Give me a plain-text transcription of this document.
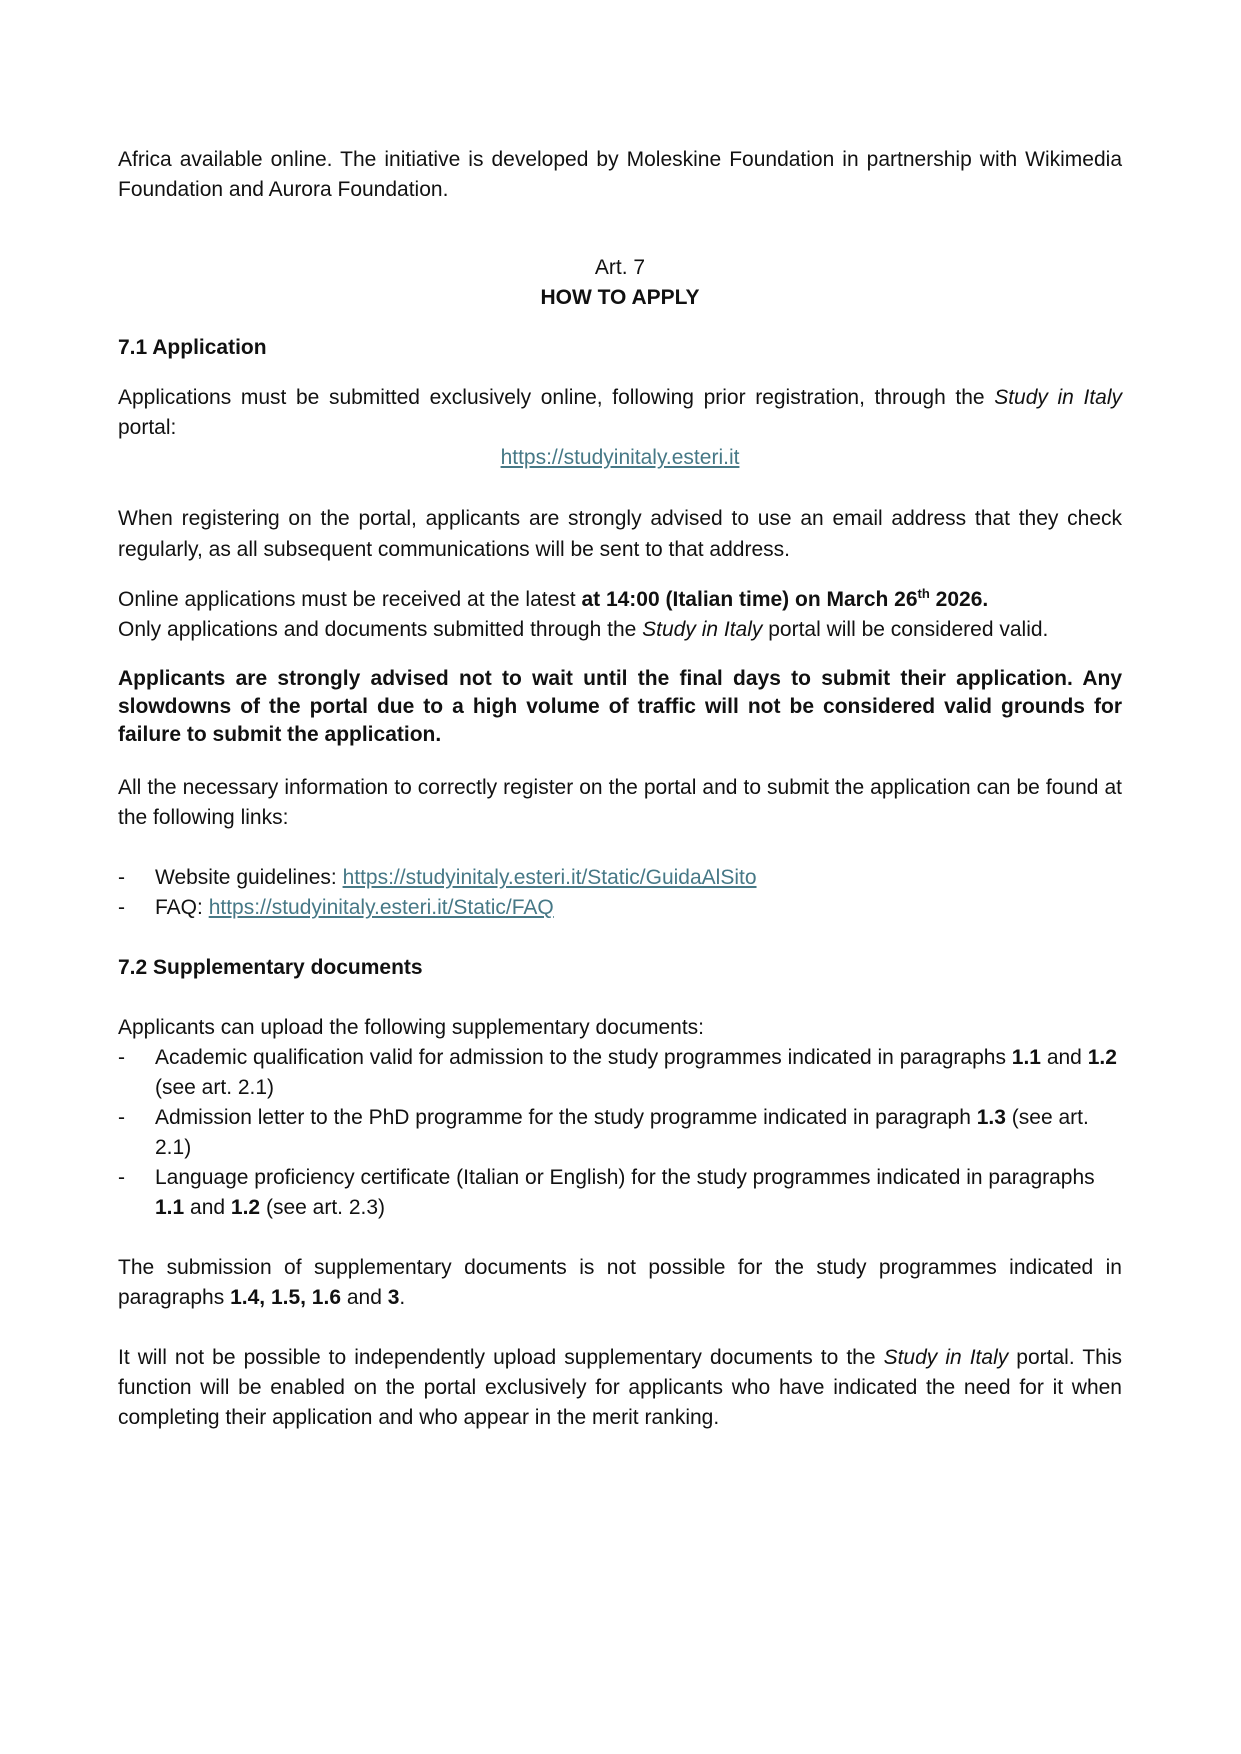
Africa available online. The initiative is developed by Moleskine Foundation in partnership with Wikimedia Foundation and Aurora Foundation.

Art. 7

HOW TO APPLY

7.1 Application

Applications must be submitted exclusively online, following prior registration, through the Study in Italy portal:

https://studyinitaly.esteri.it

When registering on the portal, applicants are strongly advised to use an email address that they check regularly, as all subsequent communications will be sent to that address.

Online applications must be received at the latest at 14:00 (Italian time) on March 26th 2026.

Only applications and documents submitted through the Study in Italy portal will be considered valid.

Applicants are strongly advised not to wait until the final days to submit their application. Any slowdowns of the portal due to a high volume of traffic will not be considered valid grounds for failure to submit the application.

All the necessary information to correctly register on the portal and to submit the application can be found at the following links:

- Website guidelines: https://studyinitaly.esteri.it/Static/GuidaAlSito
- FAQ: https://studyinitaly.esteri.it/Static/FAQ

7.2 Supplementary documents

Applicants can upload the following supplementary documents:

- Academic qualification valid for admission to the study programmes indicated in paragraphs 1.1 and 1.2 (see art. 2.1)
- Admission letter to the PhD programme for the study programme indicated in paragraph 1.3 (see art. 2.1)
- Language proficiency certificate (Italian or English) for the study programmes indicated in paragraphs 1.1 and 1.2 (see art. 2.3)

The submission of supplementary documents is not possible for the study programmes indicated in paragraphs 1.4, 1.5, 1.6 and 3.

It will not be possible to independently upload supplementary documents to the Study in Italy portal. This function will be enabled on the portal exclusively for applicants who have indicated the need for it when completing their application and who appear in the merit ranking.
